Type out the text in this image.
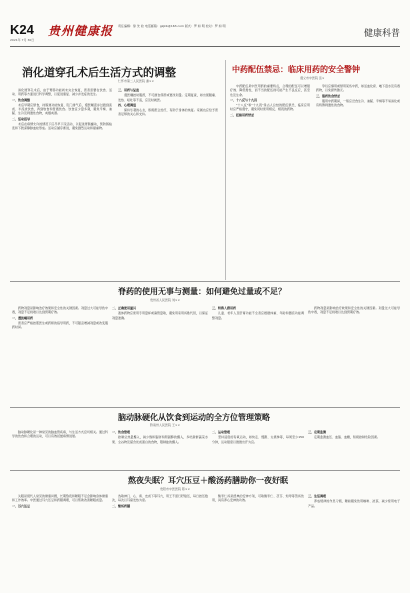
K24
2021年 7月 30日
贵州健康报 责任编辑：徐 先 检 电话邮箱：gzjkb@163.com 版式：罗 如 明 校对：罗 如 明
健康科普
消化道穿孔术后生活方式的调整
仁怀市第二人民医院 谢××

消化道穿孔术后，由于胃肠功能尚未完全恢复，患者需要在饮食、活动、用药等方面进行科学调整，以促进康复、减少并发症的发生。

一、饮食调整

术后早期应禁食，待肠道功能恢复、肛门排气后，遵医嘱逐步过渡到流质、半流质饮食，再到软食和普通饮食。饮食宜少量多餐，避免辛辣、油腻、生冷及刺激性食物，戒烟戒酒。

二、活动指导

术后在病情允许的情况下应尽早下床活动，以促进胃肠蠕动，预防肠粘连和下肢深静脉血栓形成。活动应循序渐进，避免剧烈运动和提重物。

三、用药与复查

遵医嘱按时服药，不可擅自停药或更改剂量。定期复查，如出现腹痛、发热、呕吐等不适，应及时就医。

四、心理调适

保持乐观的心态，积极配合治疗，有助于身体的恢复。家属也应给予患者足够的关心和支持。

中药配伍禁忌：临床用药的安全警钟
遵义市中医院 张×

中药配伍是中医用药的重要特点，合理的配伍可以增强疗效、降低毒性，而不当的配伍则可能产生不良反应，甚至危及生命。

一、十八反与十九畏

"十八反"和"十九畏"是古人总结的配伍禁忌，临床应用时应严格遵守，避免同时使用相反、相畏的药物。

二、妊娠用药禁忌

孕妇应慎用或禁用某些中药，如活血化瘀、峻下逐水及有毒药物，以免损伤胎元。

三、服药饮食禁忌

服用中药期间，一般应忌食生冷、油腻、辛辣等不易消化或有特殊刺激性的食物。

脊药的使用无事与测量：如何避免过量或不足？
贵州省人民医院 刘××

药物剂量是影响治疗效果和安全性的关键因素。剂量过大可能导致中毒，剂量不足则难以达到预期疗效。

一、遵医嘱用药

患者应严格按照医生或药师的指导用药，不可随意增减剂量或改变服药时间。

二、正确使用量具

液体药物应使用专用量杯或滴管量取，避免用家用汤匙代替，以保证剂量准确。

三、特殊人群用药

儿童、老年人及肝肾功能不全者应根据体重、年龄和器官功能调整剂量。

药物剂量是影响治疗效果和安全性的关键因素。剂量过大可能导致中毒，剂量不足则难以达到预期疗效。

脑动脉硬化从饮食到运动的全方位管理策略
黔南州人民医院 王××

脑动脉硬化是一种常见的脑血管疾病，与生活方式密切相关。通过科学的饮食和合理的运动，可以有效延缓病情进展。

一、饮食管理

控制总热量摄入，减少饱和脂肪和胆固醇的摄入，多吃新鲜蔬菜水果、全谷物及富含优质蛋白的食物，限制盐的摄入。

二、运动管理

坚持适度的有氧运动，如快走、慢跑、太极拳等，每周至少150分钟，运动强度以微微出汗为宜。

三、定期监测

定期监测血压、血脂、血糖，积极控制危险因素。

熬夜失眠？耳穴压豆＋酸汤药膳助你一夜好眠
贵阳市中医医院 陈××

失眠是现代人常见的健康问题，长期熬夜和睡眠不足会影响身体健康和工作效率。中医通过耳穴压豆和药膳调理，可以帮助改善睡眠质量。

一、耳穴压豆

选取神门、心、肾、皮质下等耳穴，用王不留行籽贴压，每日按压数次，每次以耳廓发热为度。

二、酸汤药膳

酸枣仁汤是经典的安神方剂，可取酸枣仁、茯苓、知母等煎汤饮用，具有养心安神的功效。

三、生活调理

养成规律的作息习惯，睡前避免饮用咖啡、浓茶，减少使用电子产品。
